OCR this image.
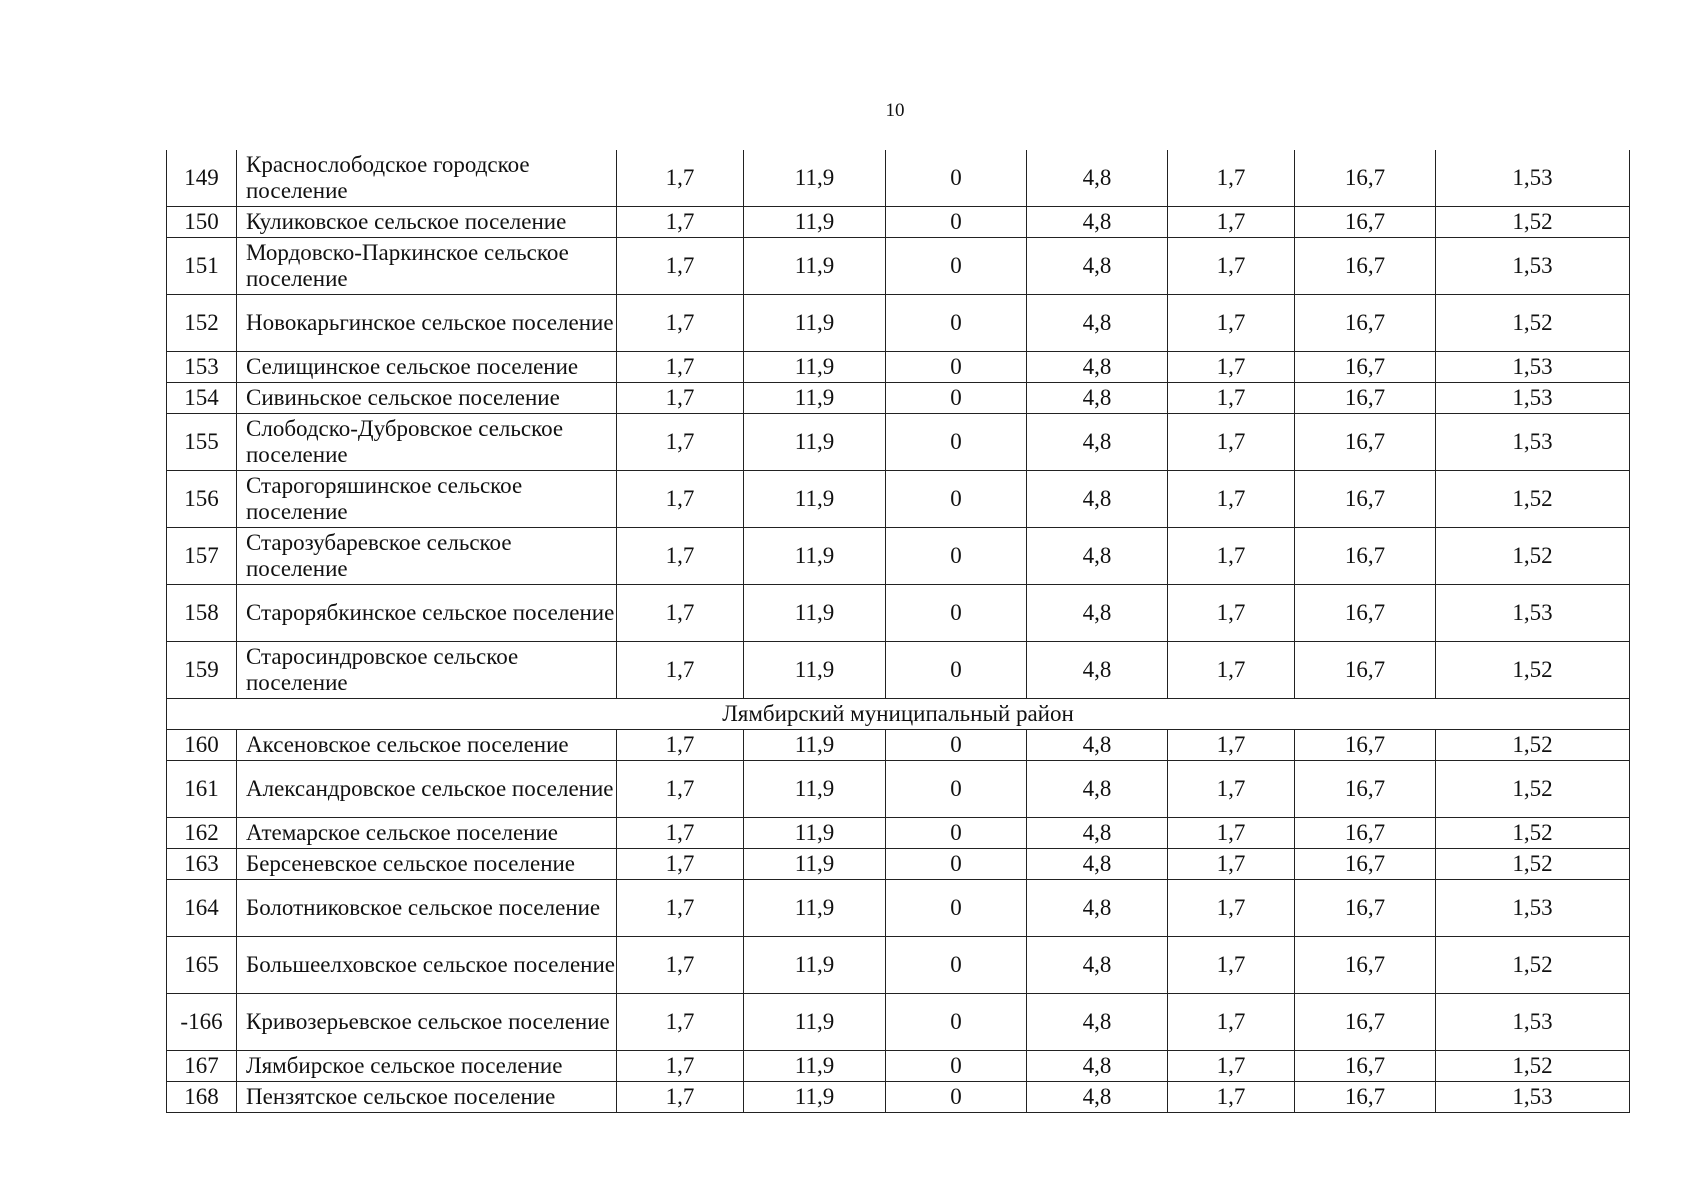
10
149	Краснослободское городское поселение	1,7	11,9	0	4,8	1,7	16,7	1,53
150	Куликовское сельское поселение	1,7	11,9	0	4,8	1,7	16,7	1,52
151	Мордовско-Паркинское сельское поселение	1,7	11,9	0	4,8	1,7	16,7	1,53
152	Новокарьгинское сельское поселение	1,7	11,9	0	4,8	1,7	16,7	1,52
153	Селищинское сельское поселение	1,7	11,9	0	4,8	1,7	16,7	1,53
154	Сивиньское сельское поселение	1,7	11,9	0	4,8	1,7	16,7	1,53
155	Слободско-Дубровское сельское поселение	1,7	11,9	0	4,8	1,7	16,7	1,53
156	Старогоряшинское сельское поселение	1,7	11,9	0	4,8	1,7	16,7	1,52
157	Старозубаревское сельское поселение	1,7	11,9	0	4,8	1,7	16,7	1,52
158	Старорябкинское сельское поселение	1,7	11,9	0	4,8	1,7	16,7	1,53
159	Старосиндровское сельское поселение	1,7	11,9	0	4,8	1,7	16,7	1,52
Лямбирский муниципальный район								
160	Аксеновское сельское поселение	1,7	11,9	0	4,8	1,7	16,7	1,52
161	Александровское сельское поселение	1,7	11,9	0	4,8	1,7	16,7	1,52
162	Атемарское сельское поселение	1,7	11,9	0	4,8	1,7	16,7	1,52
163	Берсеневское сельское поселение	1,7	11,9	0	4,8	1,7	16,7	1,52
164	Болотниковское сельское поселение	1,7	11,9	0	4,8	1,7	16,7	1,53
165	Большеелховское сельское поселение	1,7	11,9	0	4,8	1,7	16,7	1,52
-166	Кривозерьевское сельское поселение	1,7	11,9	0	4,8	1,7	16,7	1,53
167	Лямбирское сельское поселение	1,7	11,9	0	4,8	1,7	16,7	1,52
168	Пензятское сельское поселение	1,7	11,9	0	4,8	1,7	16,7	1,53
